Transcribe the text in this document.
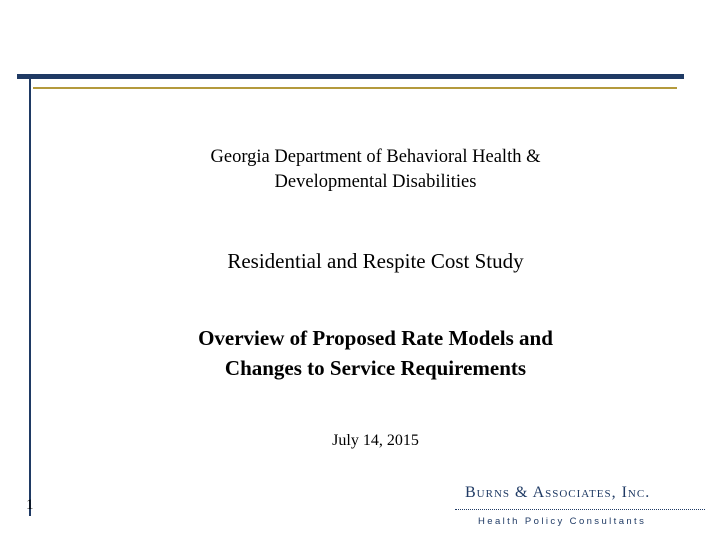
Georgia Department of Behavioral Health &
Developmental Disabilities
Residential and Respite Cost Study
Overview of Proposed Rate Models and
Changes to Service Requirements
July 14, 2015
1
Burns & Associates, Inc.
Health Policy Consultants
